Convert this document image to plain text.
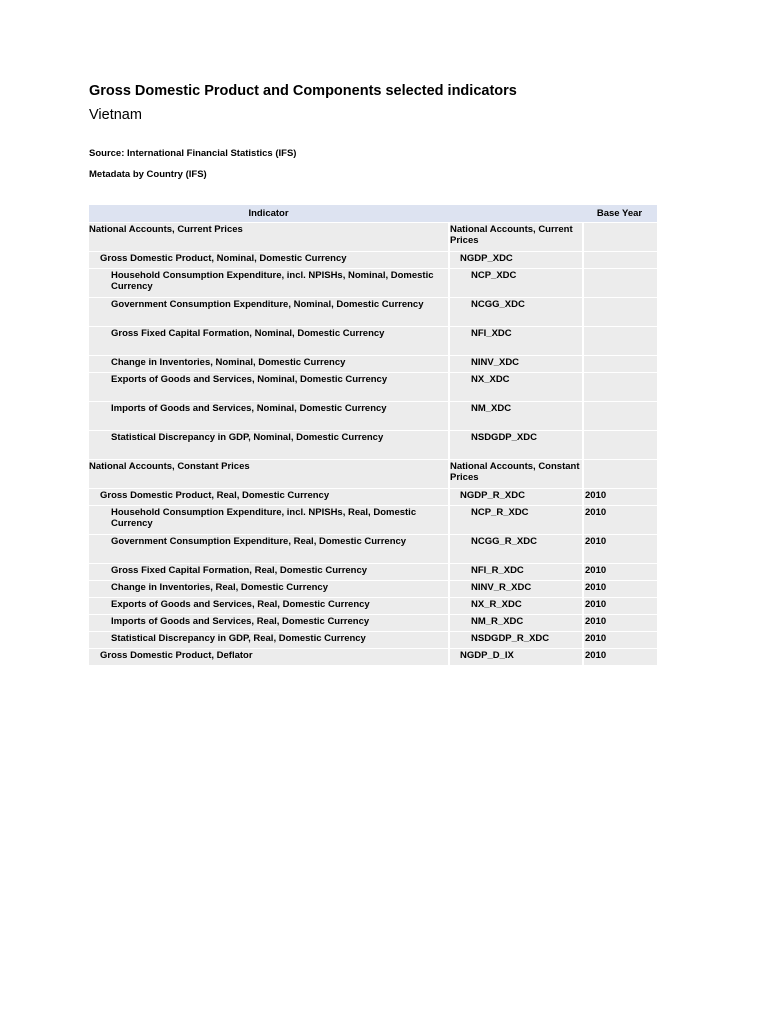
Gross Domestic Product and Components selected indicators
Vietnam
Source: International Financial Statistics (IFS)
Metadata by Country (IFS)
Indicator		Base Year
National Accounts, Current Prices	National Accounts, Current Prices	
Gross Domestic Product, Nominal, Domestic Currency	NGDP_XDC	
Household Consumption Expenditure, incl. NPISHs, Nominal, Domestic Currency	NCP_XDC	
Government Consumption Expenditure, Nominal, Domestic Currency	NCGG_XDC	
Gross Fixed Capital Formation, Nominal, Domestic Currency	NFI_XDC	
Change in Inventories, Nominal, Domestic Currency	NINV_XDC	
Exports of Goods and Services, Nominal, Domestic Currency	NX_XDC	
Imports of Goods and Services, Nominal, Domestic Currency	NM_XDC	
Statistical Discrepancy in GDP, Nominal, Domestic Currency	NSDGDP_XDC	
National Accounts, Constant Prices	National Accounts, Constant Prices	
Gross Domestic Product, Real, Domestic Currency	NGDP_R_XDC	2010
Household Consumption Expenditure, incl. NPISHs, Real, Domestic Currency	NCP_R_XDC	2010
Government Consumption Expenditure, Real, Domestic Currency	NCGG_R_XDC	2010
Gross Fixed Capital Formation, Real, Domestic Currency	NFI_R_XDC	2010
Change in Inventories, Real, Domestic Currency	NINV_R_XDC	2010
Exports of Goods and Services, Real, Domestic Currency	NX_R_XDC	2010
Imports of Goods and Services, Real, Domestic Currency	NM_R_XDC	2010
Statistical Discrepancy in GDP, Real, Domestic Currency	NSDGDP_R_XDC	2010
Gross Domestic Product, Deflator	NGDP_D_IX	2010
